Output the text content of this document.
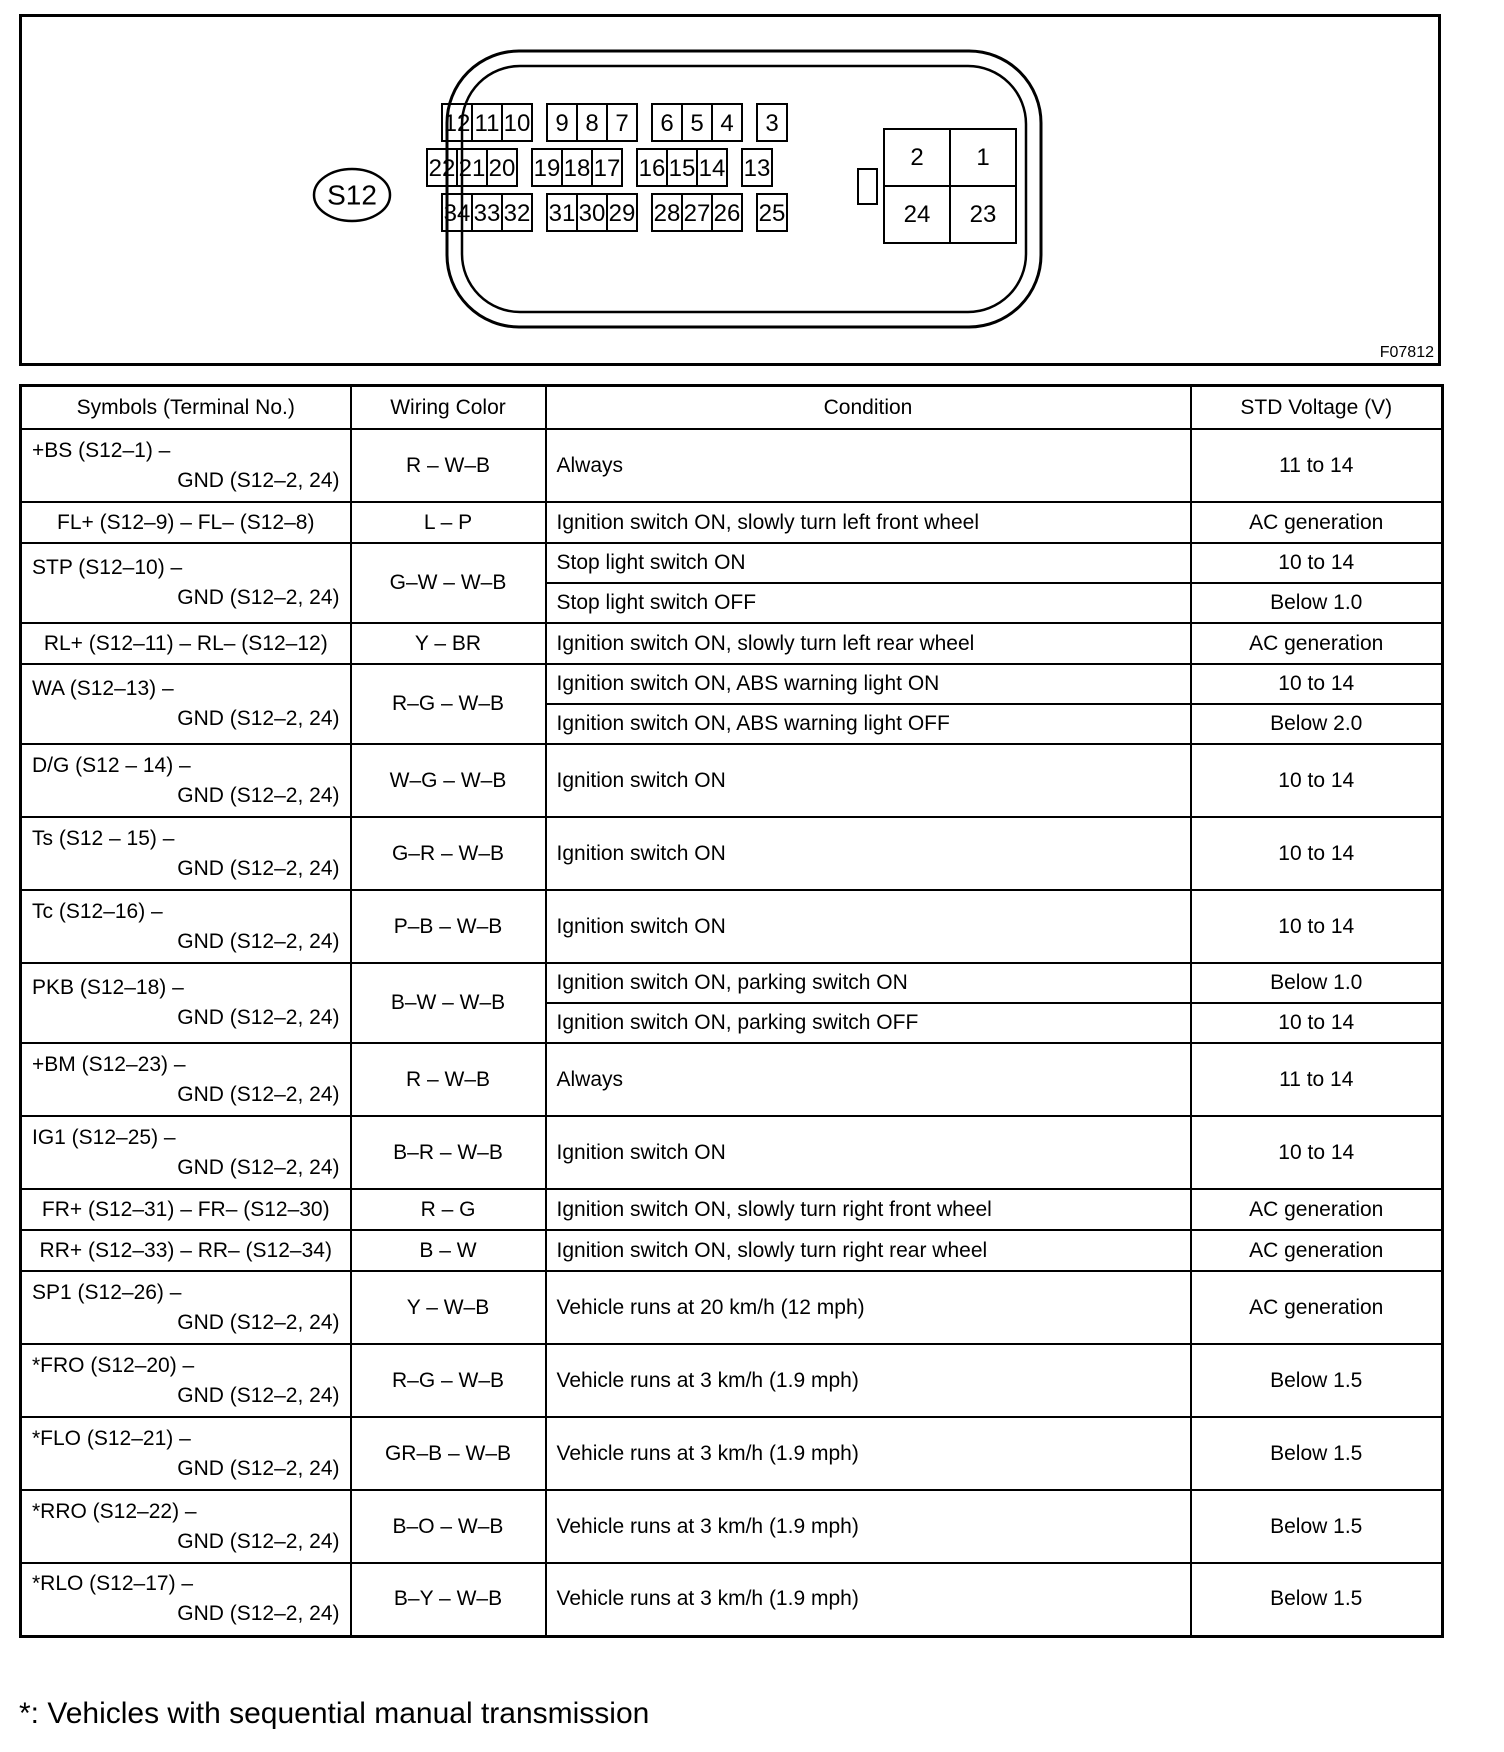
S12
12 11 10 9 8 7 6 5 4 3
22 21 20 19 18 17 16 15 14 13
34 33 32 31 30 29 28 27 26 25
2 1
24 23
F07812
Symbols (Terminal No.)	Wiring Color	Condition	STD Voltage (V)

+BS (S12–1) –
GND (S12–2, 24)	R – W–B	Always	11 to 14

FL+ (S12–9) – FL– (S12–8)	L – P	Ignition switch ON, slowly turn left front wheel	AC generation

STP (S12–10) –
GND (S12–2, 24)	G–W – W–B	Stop light switch ON	10 to 14
		Stop light switch OFF	Below 1.0

RL+ (S12–11) – RL– (S12–12)	Y – BR	Ignition switch ON, slowly turn left rear wheel	AC generation

WA (S12–13) –
GND (S12–2, 24)	R–G – W–B	Ignition switch ON, ABS warning light ON	10 to 14
		Ignition switch ON, ABS warning light OFF	Below 2.0

D/G (S12 – 14) –
GND (S12–2, 24)	W–G – W–B	Ignition switch ON	10 to 14

Ts (S12 – 15) –
GND (S12–2, 24)	G–R – W–B	Ignition switch ON	10 to 14

Tc (S12–16) –
GND (S12–2, 24)	P–B – W–B	Ignition switch ON	10 to 14

PKB (S12–18) –
GND (S12–2, 24)	B–W – W–B	Ignition switch ON, parking switch ON	Below 1.0
		Ignition switch ON, parking switch OFF	10 to 14

+BM (S12–23) –
GND (S12–2, 24)	R – W–B	Always	11 to 14

IG1 (S12–25) –
GND (S12–2, 24)	B–R – W–B	Ignition switch ON	10 to 14

FR+ (S12–31) – FR– (S12–30)	R – G	Ignition switch ON, slowly turn right front wheel	AC generation

RR+ (S12–33) – RR– (S12–34)	B – W	Ignition switch ON, slowly turn right rear wheel	AC generation

SP1 (S12–26) –
GND (S12–2, 24)	Y – W–B	Vehicle runs at 20 km/h (12 mph)	AC generation

*FRO (S12–20) –
GND (S12–2, 24)	R–G – W–B	Vehicle runs at 3 km/h (1.9 mph)	Below 1.5

*FLO (S12–21) –
GND (S12–2, 24)	GR–B – W–B	Vehicle runs at 3 km/h (1.9 mph)	Below 1.5

*RRO (S12–22) –
GND (S12–2, 24)	B–O – W–B	Vehicle runs at 3 km/h (1.9 mph)	Below 1.5

*RLO (S12–17) –
GND (S12–2, 24)	B–Y – W–B	Vehicle runs at 3 km/h (1.9 mph)	Below 1.5
*: Vehicles with sequential manual transmission
